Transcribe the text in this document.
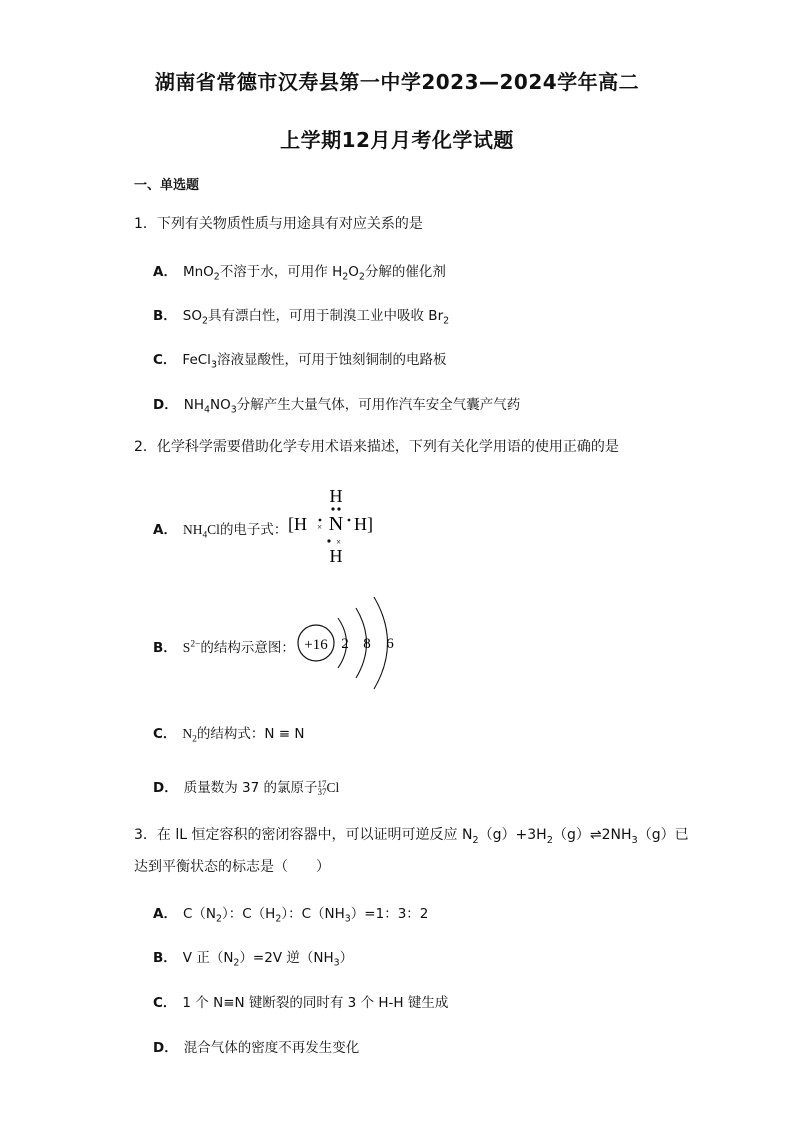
湖南省常德市汉寿县第一中学2023—2024学年高二
上学期12月月考化学试题
一、单选题
1．下列有关物质性质与用途具有对应关系的是
A． MnO$_2$不溶于水，可用作 $H_2O_2$分解的催化剂
B． $SO_2$具有漂白性，可用于制溴工业中吸收 $Br_2$
C． FeCl$_3$溶液显酸性，可用于蚀刻铜制的电路板
D． $NH_4NO_3$分解产生大量气体，可用作汽车安全气囊产气药
2．化学科学需要借助化学专用术语来描述，下列有关化学用语的使用正确的是
A． $NH_4Cl$的电子式：
H
[H × N H]
×
H
B． $S^{2-}$的结构示意图： +16 2 8 6
C． $N_2$的结构式：N ≡ N
D． 质量数为 37 的氯原子 17
37 Cl
3．在 lL 恒定容积的密闭容器中，可以证明可逆反应 $N_2(g)+3H_2(g)\rightleftharpoons 2NH_3(g)$已
达到平衡状态的标志是（　　）
A． $C(N_2)$：$C(H_2)$：$C(NH_3)=1$：3：2
B． V 正$(N_2)=2V$ 逆$(NH_3)$
C． 1 个 N≡N 键断裂的同时有 3 个 H-H 键生成
D． 混合气体的密度不再发生变化
